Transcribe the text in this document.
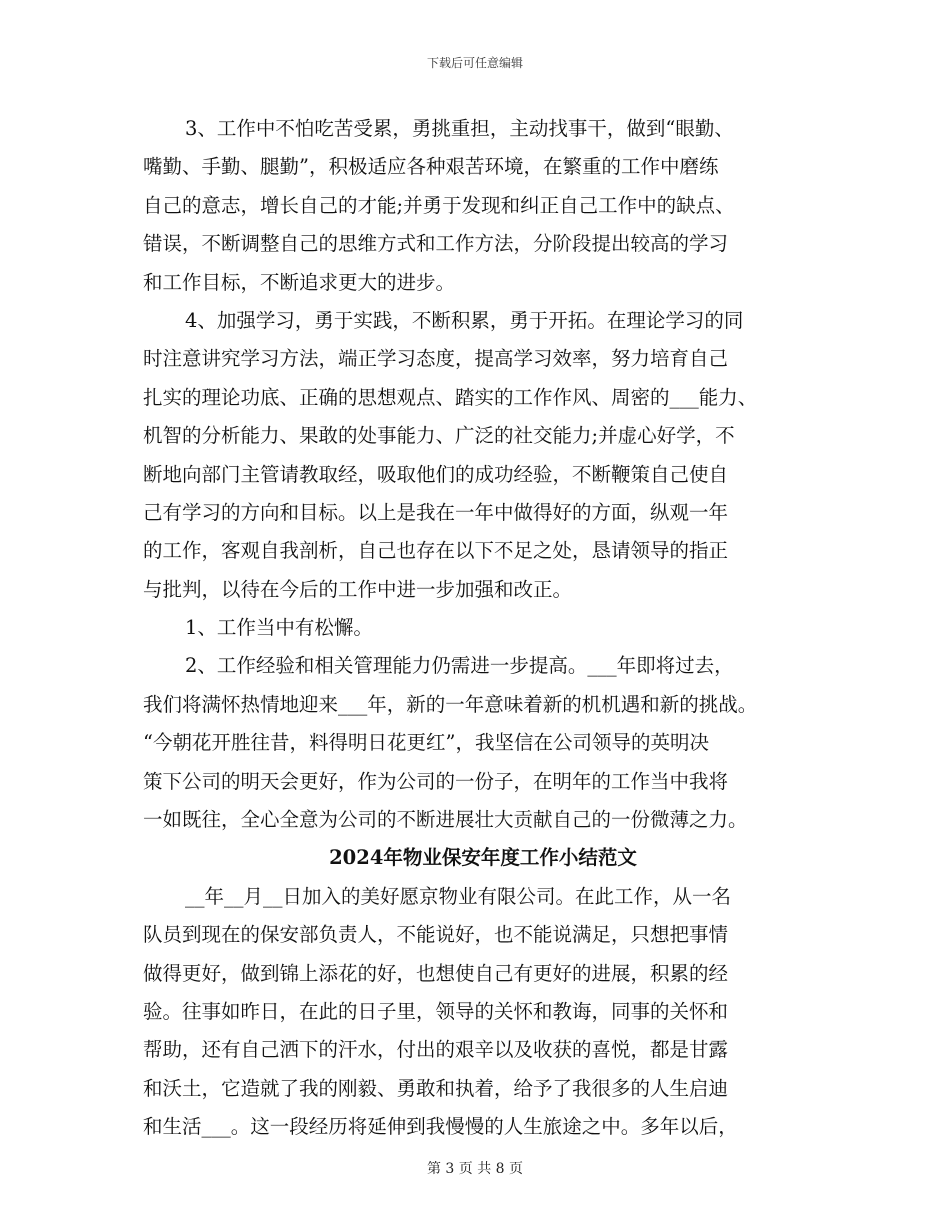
下载后可任意编辑
3、工作中不怕吃苦受累，勇挑重担，主动找事干，做到“眼勤、
嘴勤、手勤、腿勤”，积极适应各种艰苦环境，在繁重的工作中磨练
自己的意志，增长自己的才能;并勇于发现和纠正自己工作中的缺点、
错误，不断调整自己的思维方式和工作方法，分阶段提出较高的学习
和工作目标，不断追求更大的进步。
4、加强学习，勇于实践，不断积累，勇于开拓。在理论学习的同
时注意讲究学习方法，端正学习态度，提高学习效率，努力培育自己
扎实的理论功底、正确的思想观点、踏实的工作作风、周密的___能力、
机智的分析能力、果敢的处事能力、广泛的社交能力;并虚心好学，不
断地向部门主管请教取经，吸取他们的成功经验，不断鞭策自己使自
己有学习的方向和目标。以上是我在一年中做得好的方面，纵观一年
的工作，客观自我剖析，自己也存在以下不足之处，恳请领导的指正
与批判，以待在今后的工作中进一步加强和改正。
1、工作当中有松懈。
2、工作经验和相关管理能力仍需进一步提高。___年即将过去，
我们将满怀热情地迎来___年，新的一年意味着新的机机遇和新的挑战。
“今朝花开胜往昔，料得明日花更红”，我坚信在公司领导的英明决
策下公司的明天会更好，作为公司的一份子，在明年的工作当中我将
一如既往，全心全意为公司的不断进展壮大贡献自己的一份微薄之力。
2024年物业保安年度工作小结范文
__年__月__日加入的美好愿京物业有限公司。在此工作，从一名
队员到现在的保安部负责人，不能说好，也不能说满足，只想把事情
做得更好，做到锦上添花的好，也想使自己有更好的进展，积累的经
验。往事如昨日，在此的日子里，领导的关怀和教诲，同事的关怀和
帮助，还有自己洒下的汗水，付出的艰辛以及收获的喜悦，都是甘露
和沃土，它造就了我的刚毅、勇敢和执着，给予了我很多的人生启迪
和生活___。这一段经历将延伸到我慢慢的人生旅途之中。多年以后，
第 3 页 共 8 页
